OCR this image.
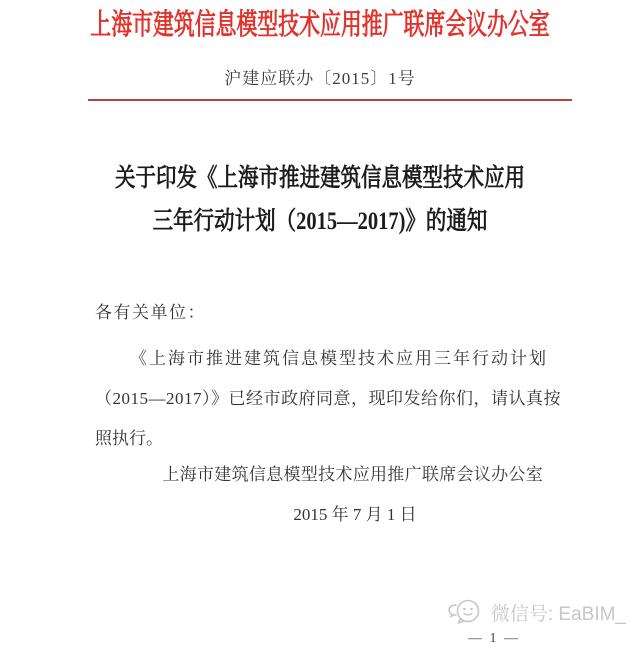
上海市建筑信息模型技术应用推广联席会议办公室
沪建应联办〔2015〕1号
关于印发《上海市推进建筑信息模型技术应用
三年行动计划（2015—2017)》的通知
各有关单位：
《上海市推进建筑信息模型技术应用三年行动计划
（2015—2017）》已经市政府同意，现印发给你们，请认真按
照执行。
上海市建筑信息模型技术应用推广联席会议办公室
2015 年 7 月 1 日
微信号: EaBIM_
— 1 —
